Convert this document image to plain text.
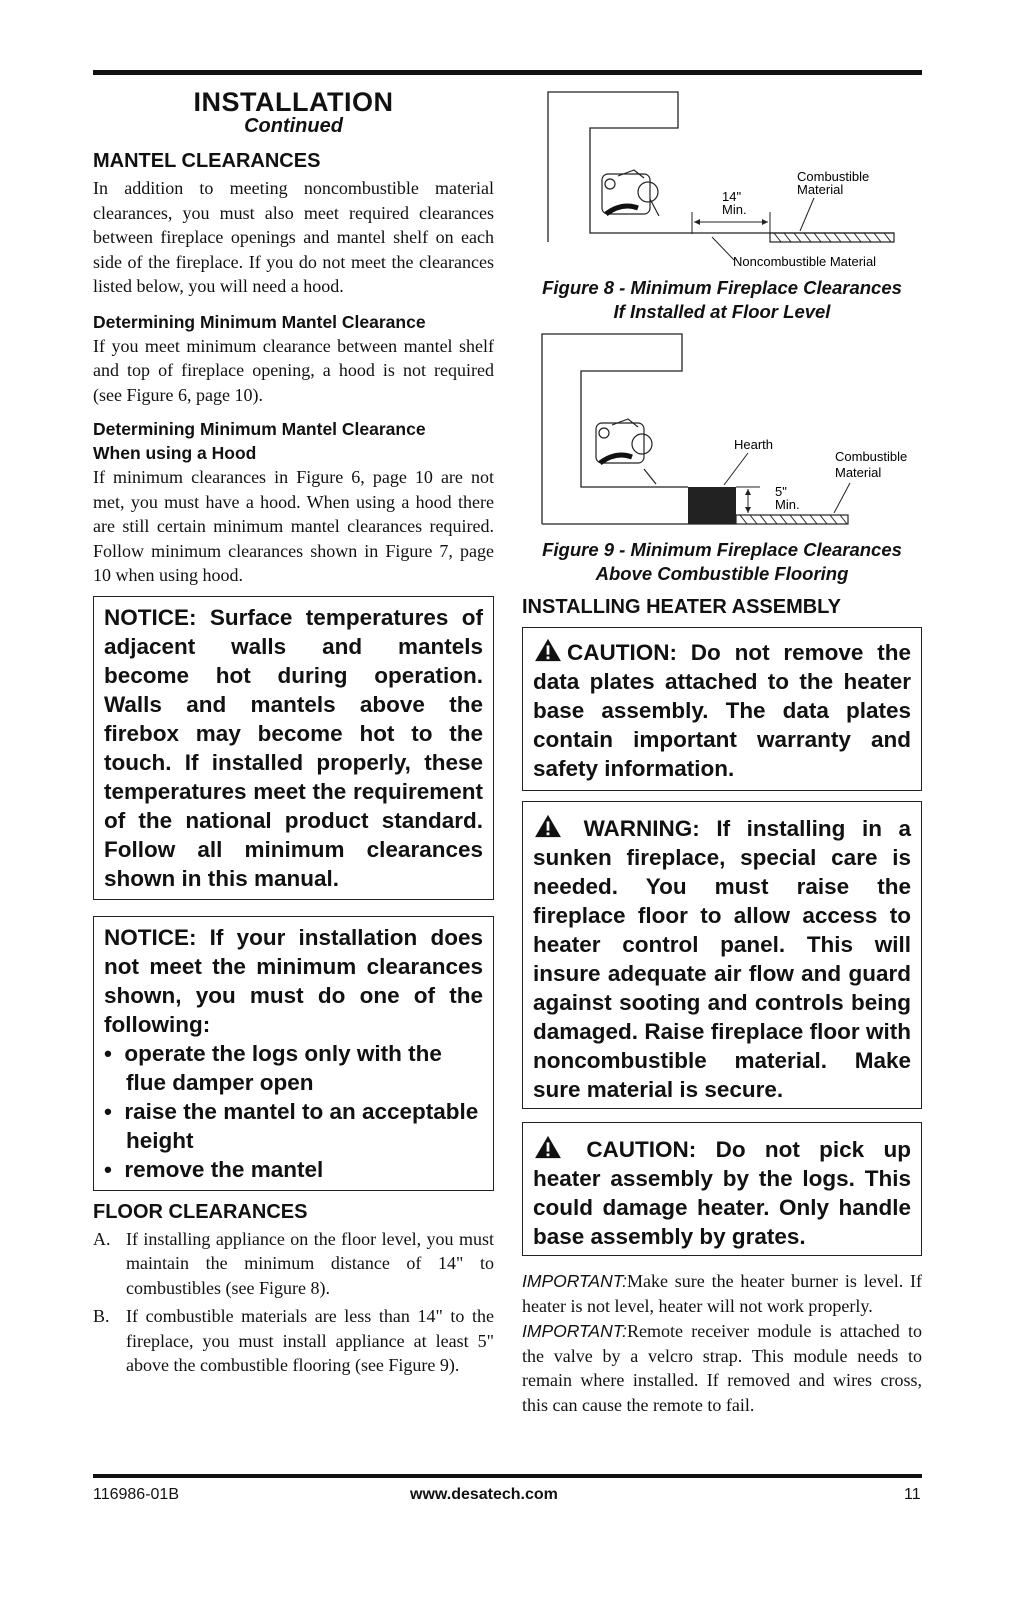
INSTALLATION
Continued
MANTEL CLEARANCES

In addition to meeting noncombustible material clearances, you must also meet required clearances between fireplace openings and mantel shelf on each side of the fireplace. If you do not meet the clearances listed below, you will need a hood.

Determining Minimum Mantel Clearance

If you meet minimum clearance between mantel shelf and top of fireplace opening, a hood is not required (see Figure 6, page 10).

Determining Minimum Mantel Clearance
When using a Hood

If minimum clearances in Figure 6, page 10 are not met, you must have a hood. When using a hood there are still certain minimum mantel clearances required. Follow minimum clearances shown in Figure 7, page 10 when using hood.

NOTICE: Surface temperatures of adjacent walls and mantels become hot during operation. Walls and mantels above the firebox may become hot to the touch. If installed properly, these temperatures meet the requirement of the national product standard. Follow all minimum clearances shown in this manual.
NOTICE: If your installation does not meet the minimum clearances shown, you must do one of the following:
•  operate the logs only with the flue damper open
•  raise the mantel to an acceptable height
•  remove the mantel
FLOOR CLEARANCES
A. If installing appliance on the floor level, you must maintain the minimum distance of 14" to combustibles (see Figure 8).
B. If combustible materials are less than 14" to the fireplace, you must install appliance at least 5" above the combustible flooring (see Figure 9).
14"
Min.
Combustible
Material
Noncombustible Material
Figure 8 - Minimum Fireplace Clearances
If Installed at Floor Level
5"
Min.
Hearth
Combustible
Material
Figure 9 - Minimum Fireplace Clearances
Above Combustible Flooring
INSTALLING HEATER ASSEMBLY
CAUTION: Do not remove the data plates attached to the heater base assembly. The data plates contain important warranty and safety information.
WARNING: If installing in a sunken fireplace, special care is needed. You must raise the fireplace floor to allow access to heater control panel. This will insure adequate air flow and guard against sooting and controls being damaged. Raise fireplace floor with noncombustible material. Make sure material is secure.
CAUTION: Do not pick up heater assembly by the logs. This could damage heater. Only handle base assembly by grates.
IMPORTANT:Make sure the heater burner is level. If heater is not level, heater will not work properly.
IMPORTANT:Remote receiver module is attached to the valve by a velcro strap. This module needs to remain where installed. If removed and wires cross, this can cause the remote to fail.
116986-01B	www.desatech.com	11
